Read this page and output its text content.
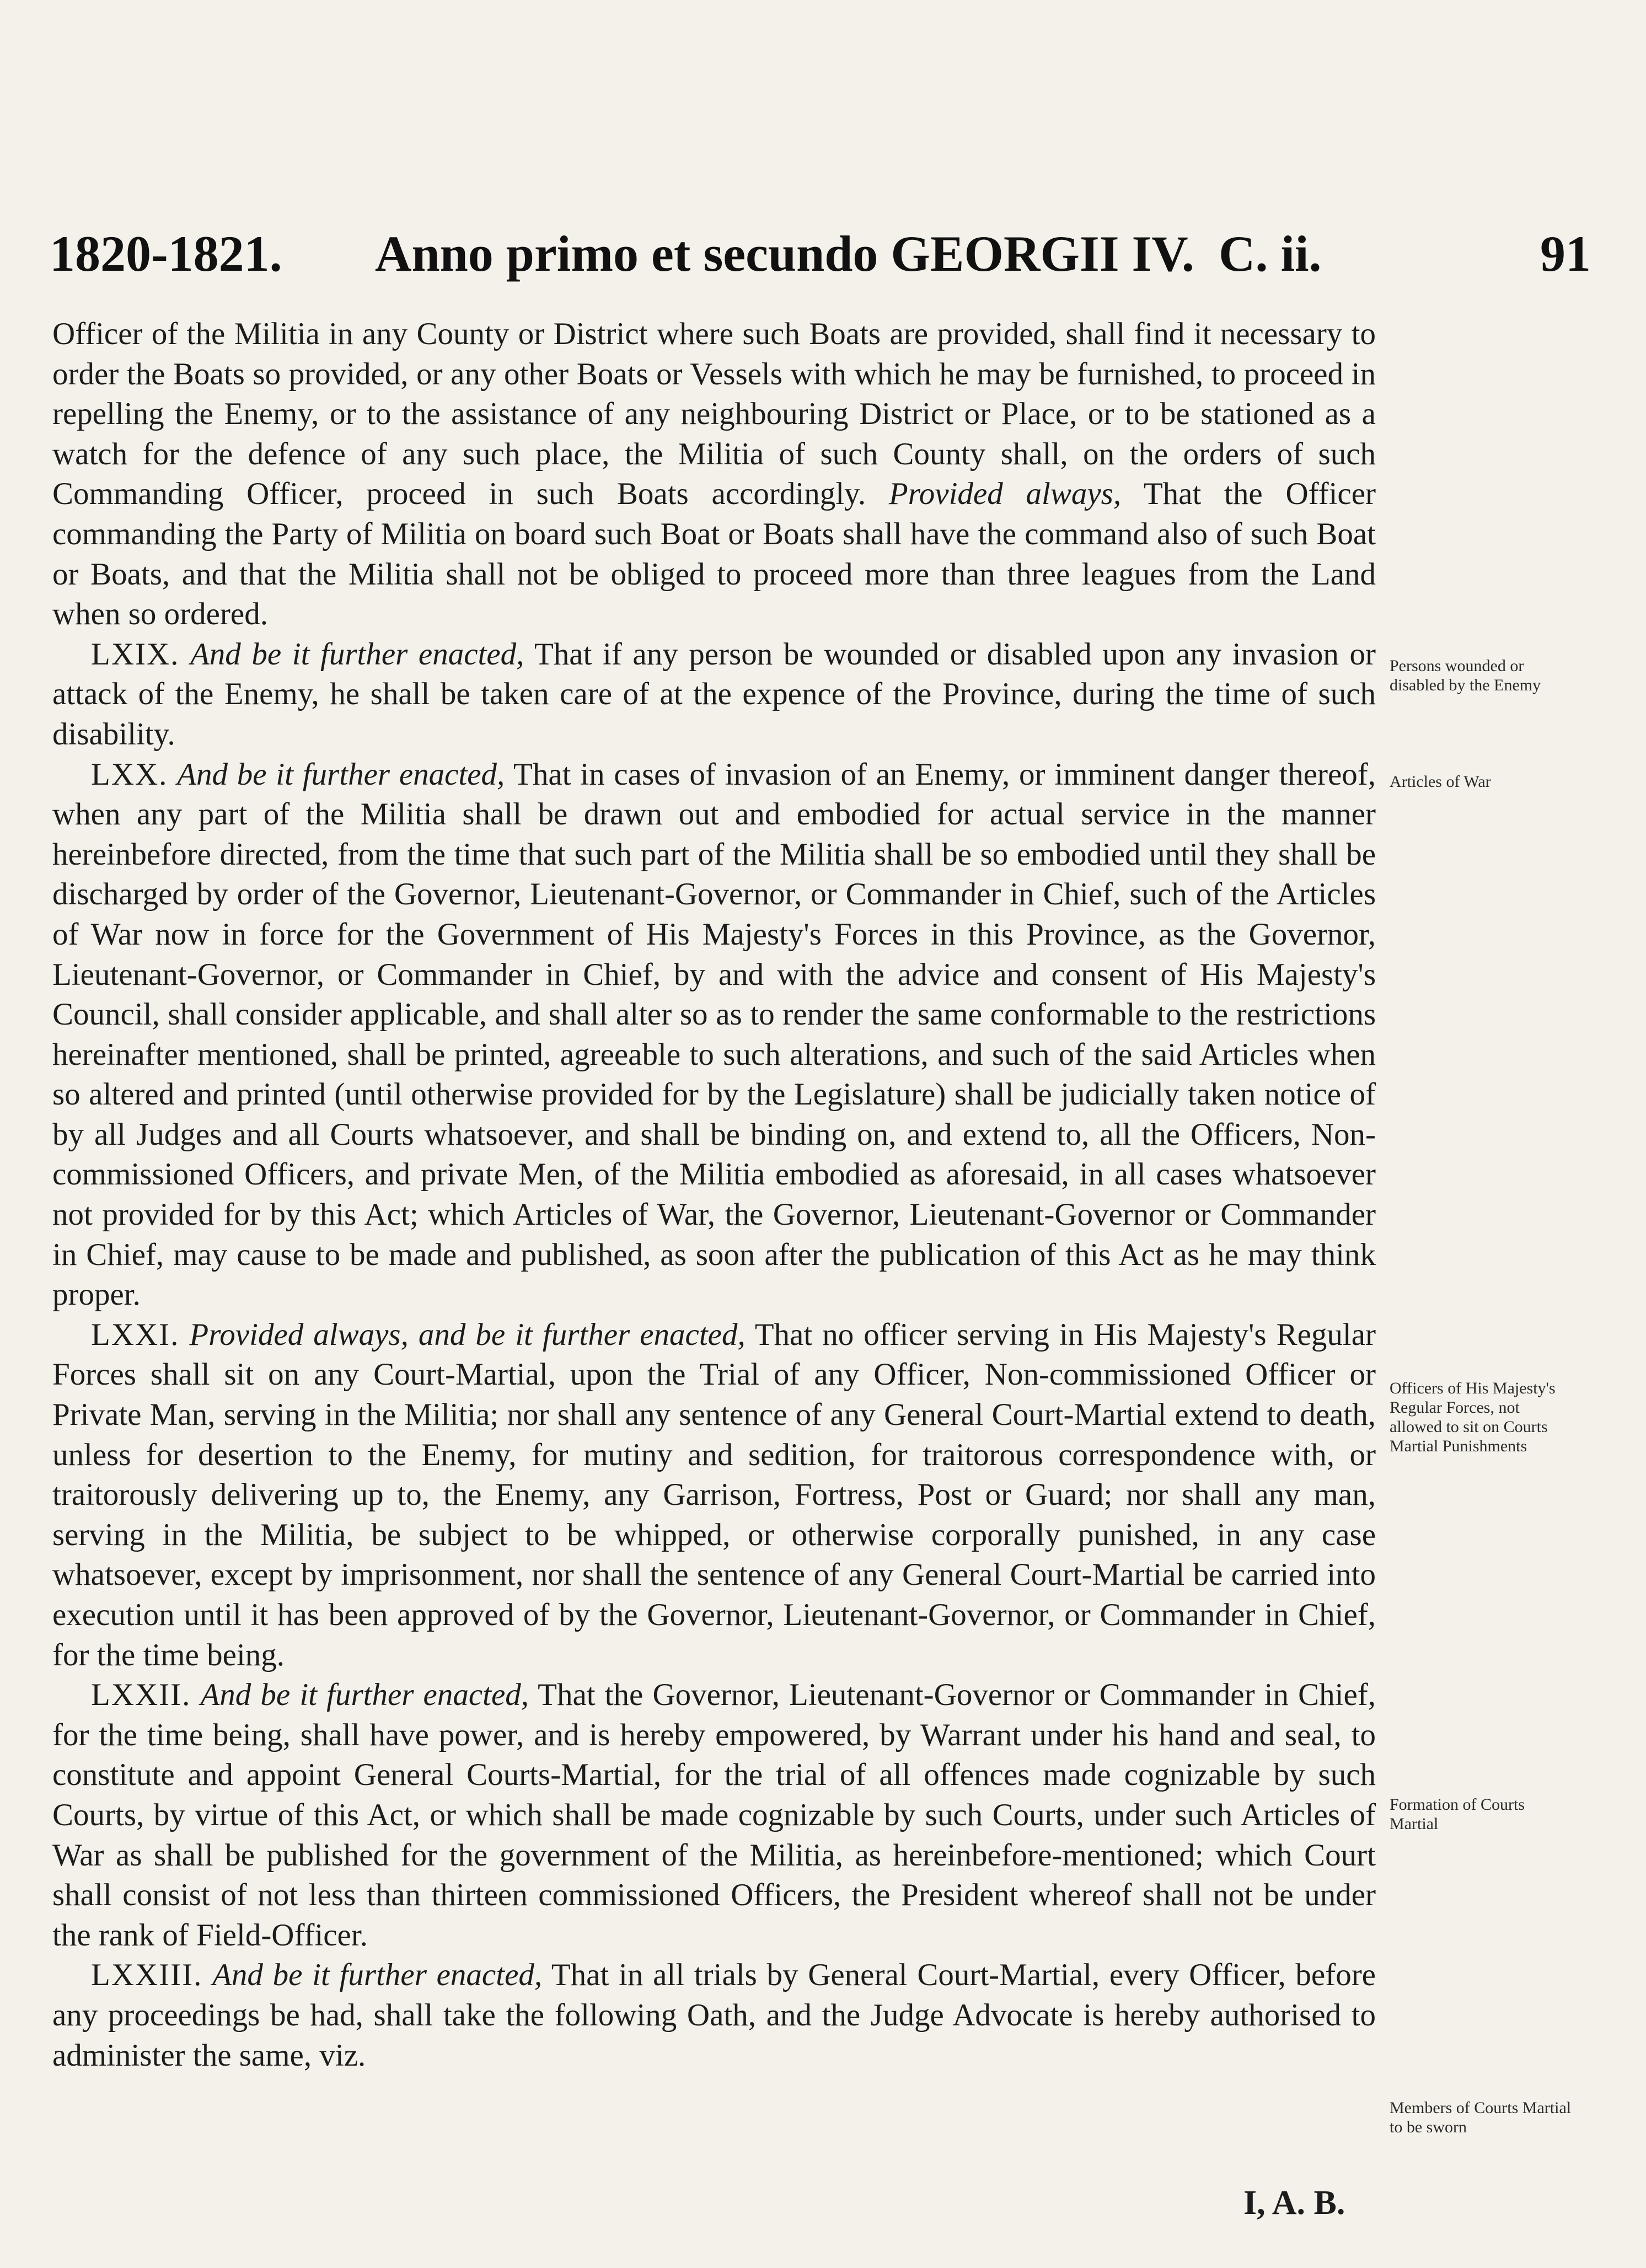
1820-1821. Anno primo et secundo GEORGII IV. C. ii.	91

Officer of the Militia in any County or District where such Boats are provided, shall find it necessary to order the Boats so provided, or any other Boats or Vessels with which he may be furnished, to proceed in repelling the Enemy, or to the assistance of any neighbouring District or Place, or to be stationed as a watch for the defence of any such place, the Militia of such County shall, on the orders of such Commanding Officer, proceed in such Boats accordingly. Provided always, That the Officer commanding the Party of Militia on board such Boat or Boats shall have the command also of such Boat or Boats, and that the Militia shall not be obliged to proceed more than three leagues from the Land when so ordered.

LXIX. And be it further enacted, That if any person be wounded or disabled upon any invasion or attack of the Enemy, he shall be taken care of at the expence of the Province, during the time of such disability.

LXX. And be it further enacted, That in cases of invasion of an Enemy, or imminent danger thereof, when any part of the Militia shall be drawn out and embodied for actual service in the manner hereinbefore directed, from the time that such part of the Militia shall be so embodied until they shall be discharged by order of the Governor, Lieutenant-Governor, or Commander in Chief, such of the Articles of War now in force for the Government of His Majesty's Forces in this Province, as the Governor, Lieutenant-Governor, or Commander in Chief, by and with the advice and consent of His Majesty's Council, shall consider applicable, and shall alter so as to render the same conformable to the restrictions hereinafter mentioned, shall be printed, agreeable to such alterations, and such of the said Articles when so altered and printed (until otherwise provided for by the Legislature) shall be judicially taken notice of by all Judges and all Courts whatsoever, and shall be binding on, and extend to, all the Officers, Non-commissioned Officers, and private Men, of the Militia embodied as aforesaid, in all cases whatsoever not provided for by this Act; which Articles of War, the Governor, Lieutenant-Governor or Commander in Chief, may cause to be made and published, as soon after the publication of this Act as he may think proper.

LXXI. Provided always, and be it further enacted, That no officer serving in His Majesty's Regular Forces shall sit on any Court-Martial, upon the Trial of any Officer, Non-commissioned Officer or Private Man, serving in the Militia; nor shall any sentence of any General Court-Martial extend to death, unless for desertion to the Enemy, for mutiny and sedition, for traitorous correspondence with, or traitorously delivering up to, the Enemy, any Garrison, Fortress, Post or Guard; nor shall any man, serving in the Militia, be subject to be whipped, or otherwise corporally punished, in any case whatsoever, except by imprisonment, nor shall the sentence of any General Court-Martial be carried into execution until it has been approved of by the Governor, Lieutenant-Governor, or Commander in Chief, for the time being.

LXXII. And be it further enacted, That the Governor, Lieutenant-Governor or Commander in Chief, for the time being, shall have power, and is hereby empowered, by Warrant under his hand and seal, to constitute and appoint General Courts-Martial, for the trial of all offences made cognizable by such Courts, by virtue of this Act, or which shall be made cognizable by such Courts, under such Articles of War as shall be published for the government of the Militia, as hereinbefore-mentioned; which Court shall consist of not less than thirteen commissioned Officers, the President whereof shall not be under the rank of Field-Officer.

LXXIII. And be it further enacted, That in all trials by General Court-Martial, every Officer, before any proceedings be had, shall take the following Oath, and the Judge Advocate is hereby authorised to administer the same, viz.

I, A. B.
Persons wounded or disabled by the Enemy
Articles of War
Officers of His Majesty's Regular Forces, not allowed to sit on Courts Martial Punishments
Formation of Courts Martial
Members of Courts Martial to be sworn
